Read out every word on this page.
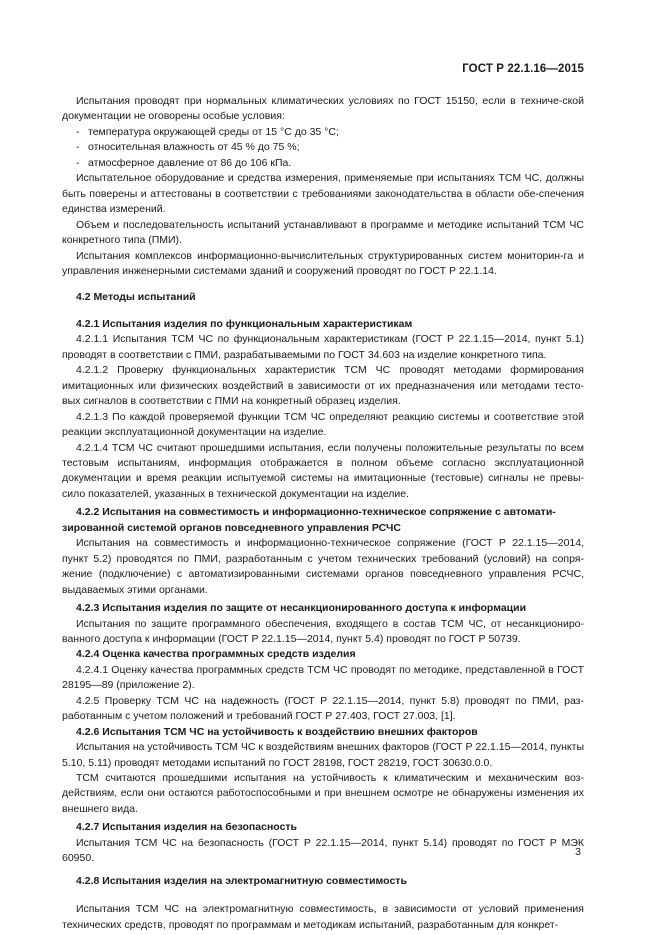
ГОСТ Р 22.1.16—2015
Испытания проводят при нормальных климатических условиях по ГОСТ 15150, если в техниче-ской документации не оговорены особые условия:
- температура окружающей среды от 15 °С до 35 °С;
- относительная влажность от 45 % до 75 %;
- атмосферное давление от 86 до 106 кПа.
Испытательное оборудование и средства измерения, применяемые при испытаниях ТСМ ЧС, должны быть поверены и аттестованы в соответствии с требованиями законодательства в области обе-спечения единства измерений.
Объем и последовательность испытаний устанавливают в программе и методике испытаний ТСМ ЧС конкретного типа (ПМИ).
Испытания комплексов информационно-вычислительных структурированных систем мониторин-га и управления инженерными системами зданий и сооружений проводят по ГОСТ Р 22.1.14.
4.2 Методы испытаний
4.2.1 Испытания изделия по функциональным характеристикам
4.2.1.1 Испытания ТСМ ЧС по функциональным характеристикам (ГОСТ Р 22.1.15—2014, пункт 5.1) проводят в соответствии с ПМИ, разрабатываемыми по ГОСТ 34.603 на изделие конкретного типа.
4.2.1.2 Проверку функциональных характеристик ТСМ ЧС проводят методами формирования имитационных или физических воздействий в зависимости от их предназначения или методами тесто-вых сигналов в соответствии с ПМИ на конкретный образец изделия.
4.2.1.3 По каждой проверяемой функции ТСМ ЧС определяют реакцию системы и соответствие этой реакции эксплуатационной документации на изделие.
4.2.1.4 ТСМ ЧС считают прошедшими испытания, если получены положительные результаты по всем тестовым испытаниям, информация отображается в полном объеме согласно эксплуатационной документации и время реакции испытуемой системы на имитационные (тестовые) сигналы не превы-сило показателей, указанных в технической документации на изделие.
4.2.2 Испытания на совместимость и информационно-техническое сопряжение с автомати-зированной системой органов повседневного управления РСЧС
Испытания на совместимость и информационно-техническое сопряжение (ГОСТ Р 22.1.15—2014, пункт 5.2) проводятся по ПМИ, разработанным с учетом технических требований (условий) на сопря-жение (подключение) с автоматизированными системами органов повседневного управления РСЧС, выдаваемых этими органами.
4.2.3 Испытания изделия по защите от несанкционированного доступа к информации
Испытания по защите программного обеспечения, входящего в состав ТСМ ЧС, от несанкциониро-ванного доступа к информации (ГОСТ Р 22.1.15—2014, пункт 5.4) проводят по ГОСТ Р 50739.
4.2.4 Оценка качества программных средств изделия
4.2.4.1 Оценку качества программных средств ТСМ ЧС проводят по методике, представленной в ГОСТ 28195—89 (приложение 2).
4.2.5 Проверку ТСМ ЧС на надежность (ГОСТ Р 22.1.15—2014, пункт 5.8) проводят по ПМИ, раз-работанным с учетом положений и требований ГОСТ Р 27.403, ГОСТ 27.003, [1].
4.2.6 Испытания ТСМ ЧС на устойчивость к воздействию внешних факторов
Испытания на устойчивость ТСМ ЧС к воздействиям внешних факторов (ГОСТ Р 22.1.15—2014, пункты 5.10, 5.11) проводят методами испытаний по ГОСТ 28198, ГОСТ 28219, ГОСТ 30630.0.0.
ТСМ считаются прошедшими испытания на устойчивость к климатическим и механическим воз-действиям, если они остаются работоспособными и при внешнем осмотре не обнаружены изменения их внешнего вида.
4.2.7 Испытания изделия на безопасность
Испытания ТСМ ЧС на безопасность (ГОСТ Р 22.1.15—2014, пункт 5.14) проводят по ГОСТ Р МЭК 60950.
4.2.8 Испытания изделия на электромагнитную совместимость
Испытания ТСМ ЧС на электромагнитную совместимость, в зависимости от условий применения технических средств, проводят по программам и методикам испытаний, разработанным для конкрет-
3
